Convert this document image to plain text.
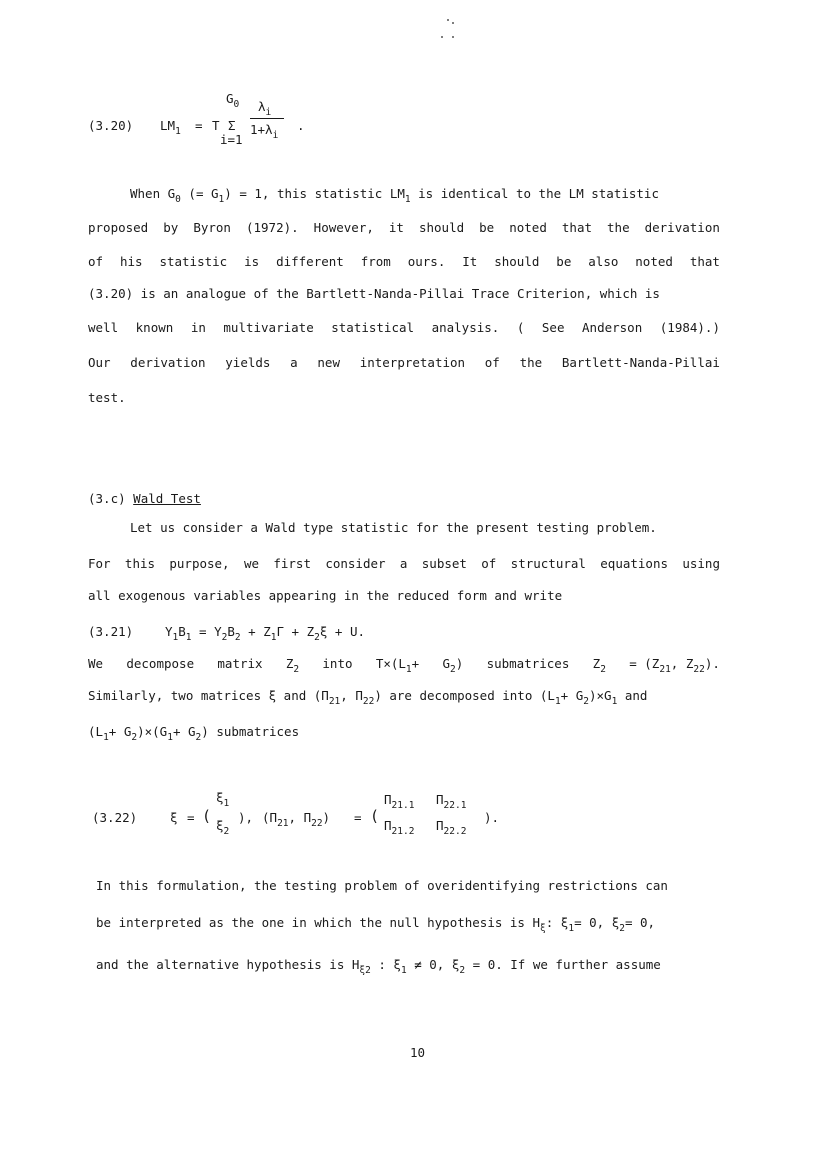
(3.20) $LM_1 = T$ Σ
$G_0$
i=1
$\lambda_i$
$1+\lambda_i$
.
When $G_0$ (= $G_1) = 1$, this statistic $LM_1$ is identical to the LM statistic
proposed by Byron (1972). However, it should be noted that the derivation
of his statistic is different from ours. It should be also noted that
(3.20) is an analogue of the Bartlett-Nanda-Pillai Trace Criterion, which is
well known in multivariate statistical analysis. ( See Anderson (1984).)
Our derivation yields a new interpretation of the Bartlett-Nanda-Pillai
test.
(3.c) Wald Test
Let us consider a Wald type statistic for the present testing problem.
For this purpose, we first consider a subset of structural equations using
all exogenous variables appearing in the reduced form and write
(3.21)	$Y_1B_1 = Y_2B_2 + Z_1\Gamma + Z_2\xi + U$.
We decompose matrix $Z_2$ into $T\times(L_1+ G_2)$ submatrices $Z_2 = (Z_{21}$, $Z_{22}$).
Similarly, two matrices ξ and ($\Pi_{21}$, $\Pi_{22}$) are decomposed into $(L_1+ G_2)\times G_1$ and
$(L_1+ G_2)\times(G_1+ G_2)$ submatrices
(3.22)	ξ = (
$\xi_1$
$\xi_2$
), ($\Pi_{21}$, $\Pi_{22}$) = (
$\Pi_{21.1}$ $\Pi_{22.1}$
$\Pi_{21.2}$ $\Pi_{22.2}$
).
In this formulation, the testing problem of overidentifying restrictions can
be interpreted as the one in which the null hypothesis is $H_\xi$: $\xi_1= 0$, $\xi_2= 0$,
and the alternative hypothesis is $H_{\xi 2}$ : $\xi_1 \ne 0$, $\xi_2 = 0$. If we further assume
10
